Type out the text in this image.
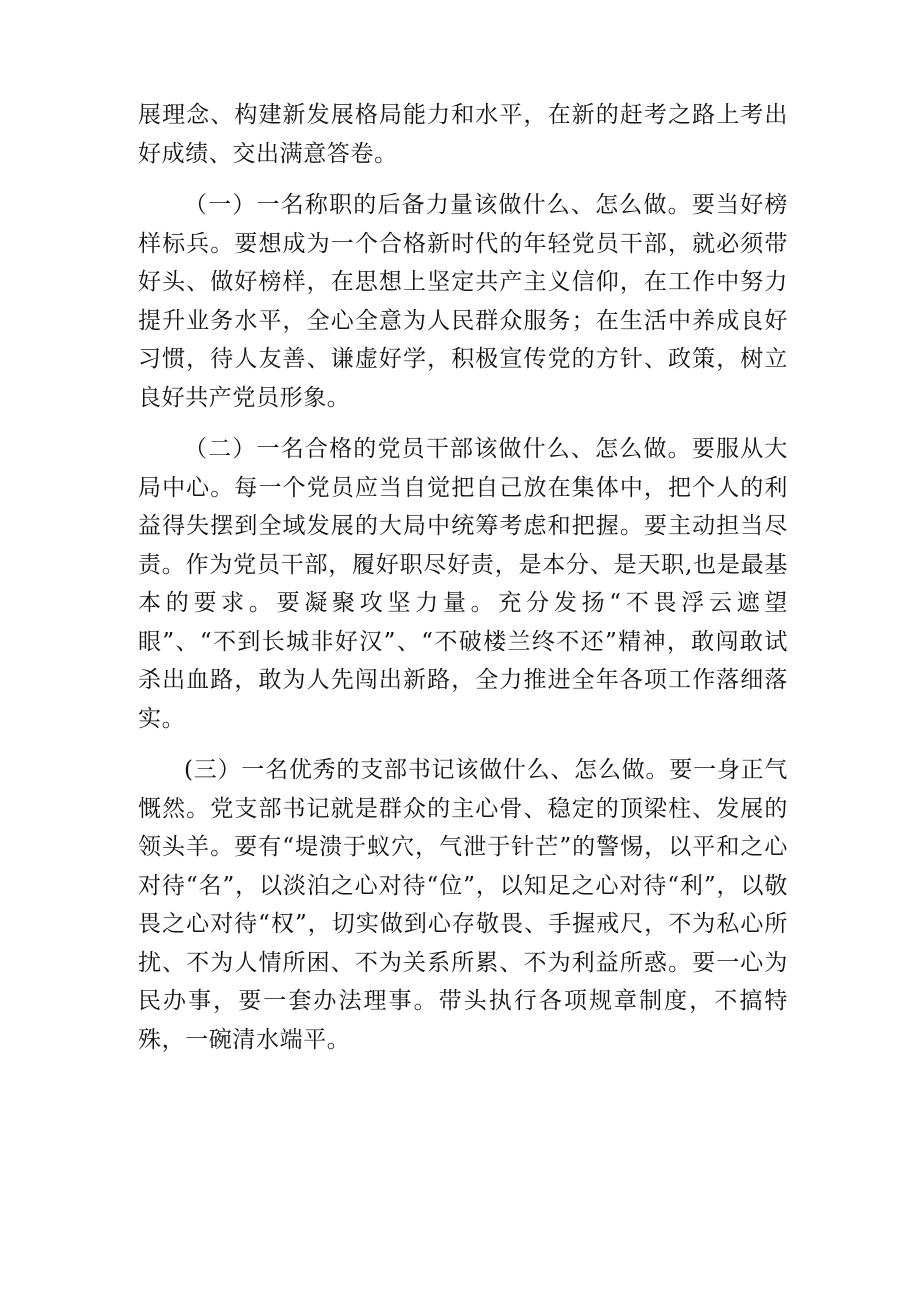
展理念、构建新发展格局能力和水平，在新的赶考之路上考出好成绩、交出满意答卷。

（一）一名称职的后备力量该做什么、怎么做。要当好榜样标兵。要想成为一个合格新时代的年轻党员干部，就必须带好头、做好榜样，在思想上坚定共产主义信仰，在工作中努力提升业务水平，全心全意为人民群众服务；在生活中养成良好习惯，待人友善、谦虚好学，积极宣传党的方针、政策，树立良好共产党员形象。

（二）一名合格的党员干部该做什么、怎么做。要服从大局中心。每一个党员应当自觉把自己放在集体中，把个人的利益得失摆到全域发展的大局中统筹考虑和把握。要主动担当尽责。作为党员干部，履好职尽好责，是本分、是天职,也是最基本的要求。要凝聚攻坚力量。充分发扬“不畏浮云遮望眼”、“不到长城非好汉”、“不破楼兰终不还”精神，敢闯敢试杀出血路，敢为人先闯出新路，全力推进全年各项工作落细落实。

(三）一名优秀的支部书记该做什么、怎么做。要一身正气慨然。党支部书记就是群众的主心骨、稳定的顶梁柱、发展的领头羊。要有“堤溃于蚁穴，气泄于针芒”的警惕，以平和之心对待“名”，以淡泊之心对待“位”，以知足之心对待“利”，以敬畏之心对待“权”，切实做到心存敬畏、手握戒尺，不为私心所扰、不为人情所困、不为关系所累、不为利益所惑。要一心为民办事，要一套办法理事。带头执行各项规章制度，不搞特殊，一碗清水端平。
